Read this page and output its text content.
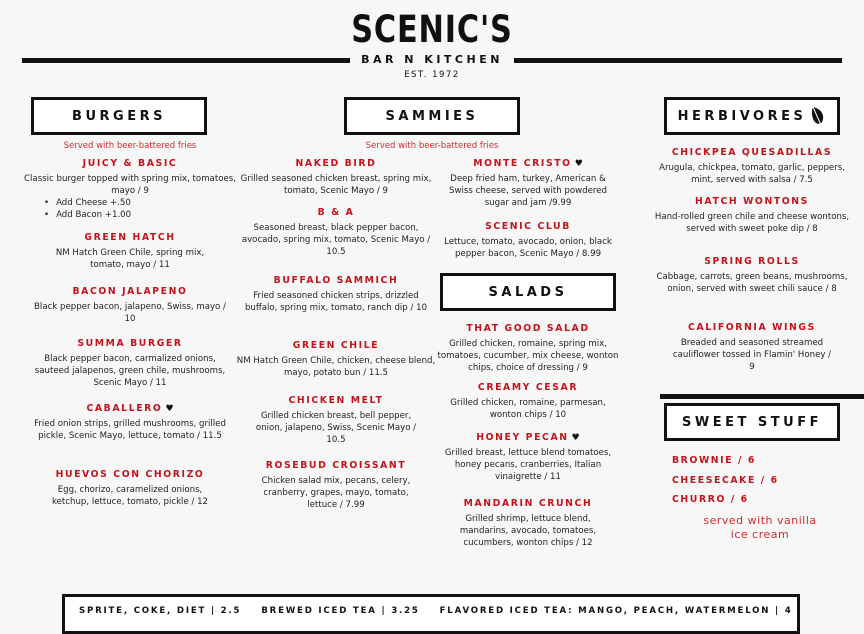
SCENIC'S
BAR N KITCHEN
EST. 1972
BURGERS
Served with beer-battered fries
JUICY & BASIC
Classic burger topped with spring mix, tomatoes, mayo / 9
• Add Cheese +.50
• Add Bacon +1.00
GREEN HATCH
NM Hatch Green Chile, spring mix, tomato, mayo / 11
BACON JALAPENO
Black pepper bacon, jalapeno, Swiss, mayo / 10
SUMMA BURGER
Black pepper bacon, carmalized onions, sauteed jalapenos, green chile, mushrooms, Scenic Mayo / 11
CABALLERO ♥
Fried onion strips, grilled mushrooms, grilled pickle, Scenic Mayo, lettuce, tomato / 11.5
HUEVOS CON CHORIZO
Egg, chorizo, caramelized onions, ketchup, lettuce, tomato, pickle / 12
SAMMIES
Served with beer-battered fries
NAKED BIRD
Grilled seasoned chicken breast, spring mix, tomato, Scenic Mayo / 9
B & A
Seasoned breast, black pepper bacon, avocado, spring mix, tomato, Scenic Mayo / 10.5
BUFFALO SAMMICH
Fried seasoned chicken strips, drizzled buffalo, spring mix, tomato, ranch dip / 10
GREEN CHILE
NM Hatch Green Chile, chicken, cheese blend, mayo, potato bun / 11.5
CHICKEN MELT
Grilled chicken breast, bell pepper, onion, jalapeno, Swiss, Scenic Mayo / 10.5
ROSEBUD CROISSANT
Chicken salad mix, pecans, celery, cranberry, grapes, mayo, tomato, lettuce / 7.99
MONTE CRISTO ♥
Deep fried ham, turkey, American & Swiss cheese, served with powdered sugar and jam /9.99
SCENIC CLUB
Lettuce, tomato, avocado, onion, black pepper bacon, Scenic Mayo / 8.99
SALADS
THAT GOOD SALAD
Grilled chicken, romaine, spring mix, tomatoes, cucumber, mix cheese, wonton chips, choice of dressing / 9
CREAMY CESAR
Grilled chicken, romaine, parmesan, wonton chips / 10
HONEY PECAN ♥
Grilled breast, lettuce blend tomatoes, honey pecans, cranberries, Italian vinaigrette / 11
MANDARIN CRUNCH
Grilled shrimp, lettuce blend, mandarins, avocado, tomatoes, cucumbers, wonton chips / 12
HERBIVORES
CHICKPEA QUESADILLAS
Arugula, chickpea, tomato, garlic, peppers, mint, served with salsa / 7.5
HATCH WONTONS
Hand-rolled green chile and cheese wontons, served with sweet poke dip / 8
SPRING ROLLS
Cabbage, carrots, green beans, mushrooms, onion, served with sweet chili sauce / 8
CALIFORNIA WINGS
Breaded and seasoned streamed cauliflower tossed in Flamin' Honey / 9
SWEET STUFF
BROWNIE / 6
CHEESECAKE / 6
CHURRO / 6
served with vanilla ice cream
SPRITE, COKE, DIET | 2.5 BREWED ICED TEA | 3.25 FLAVORED ICED TEA: MANGO, PEACH, WATERMELON | 4
